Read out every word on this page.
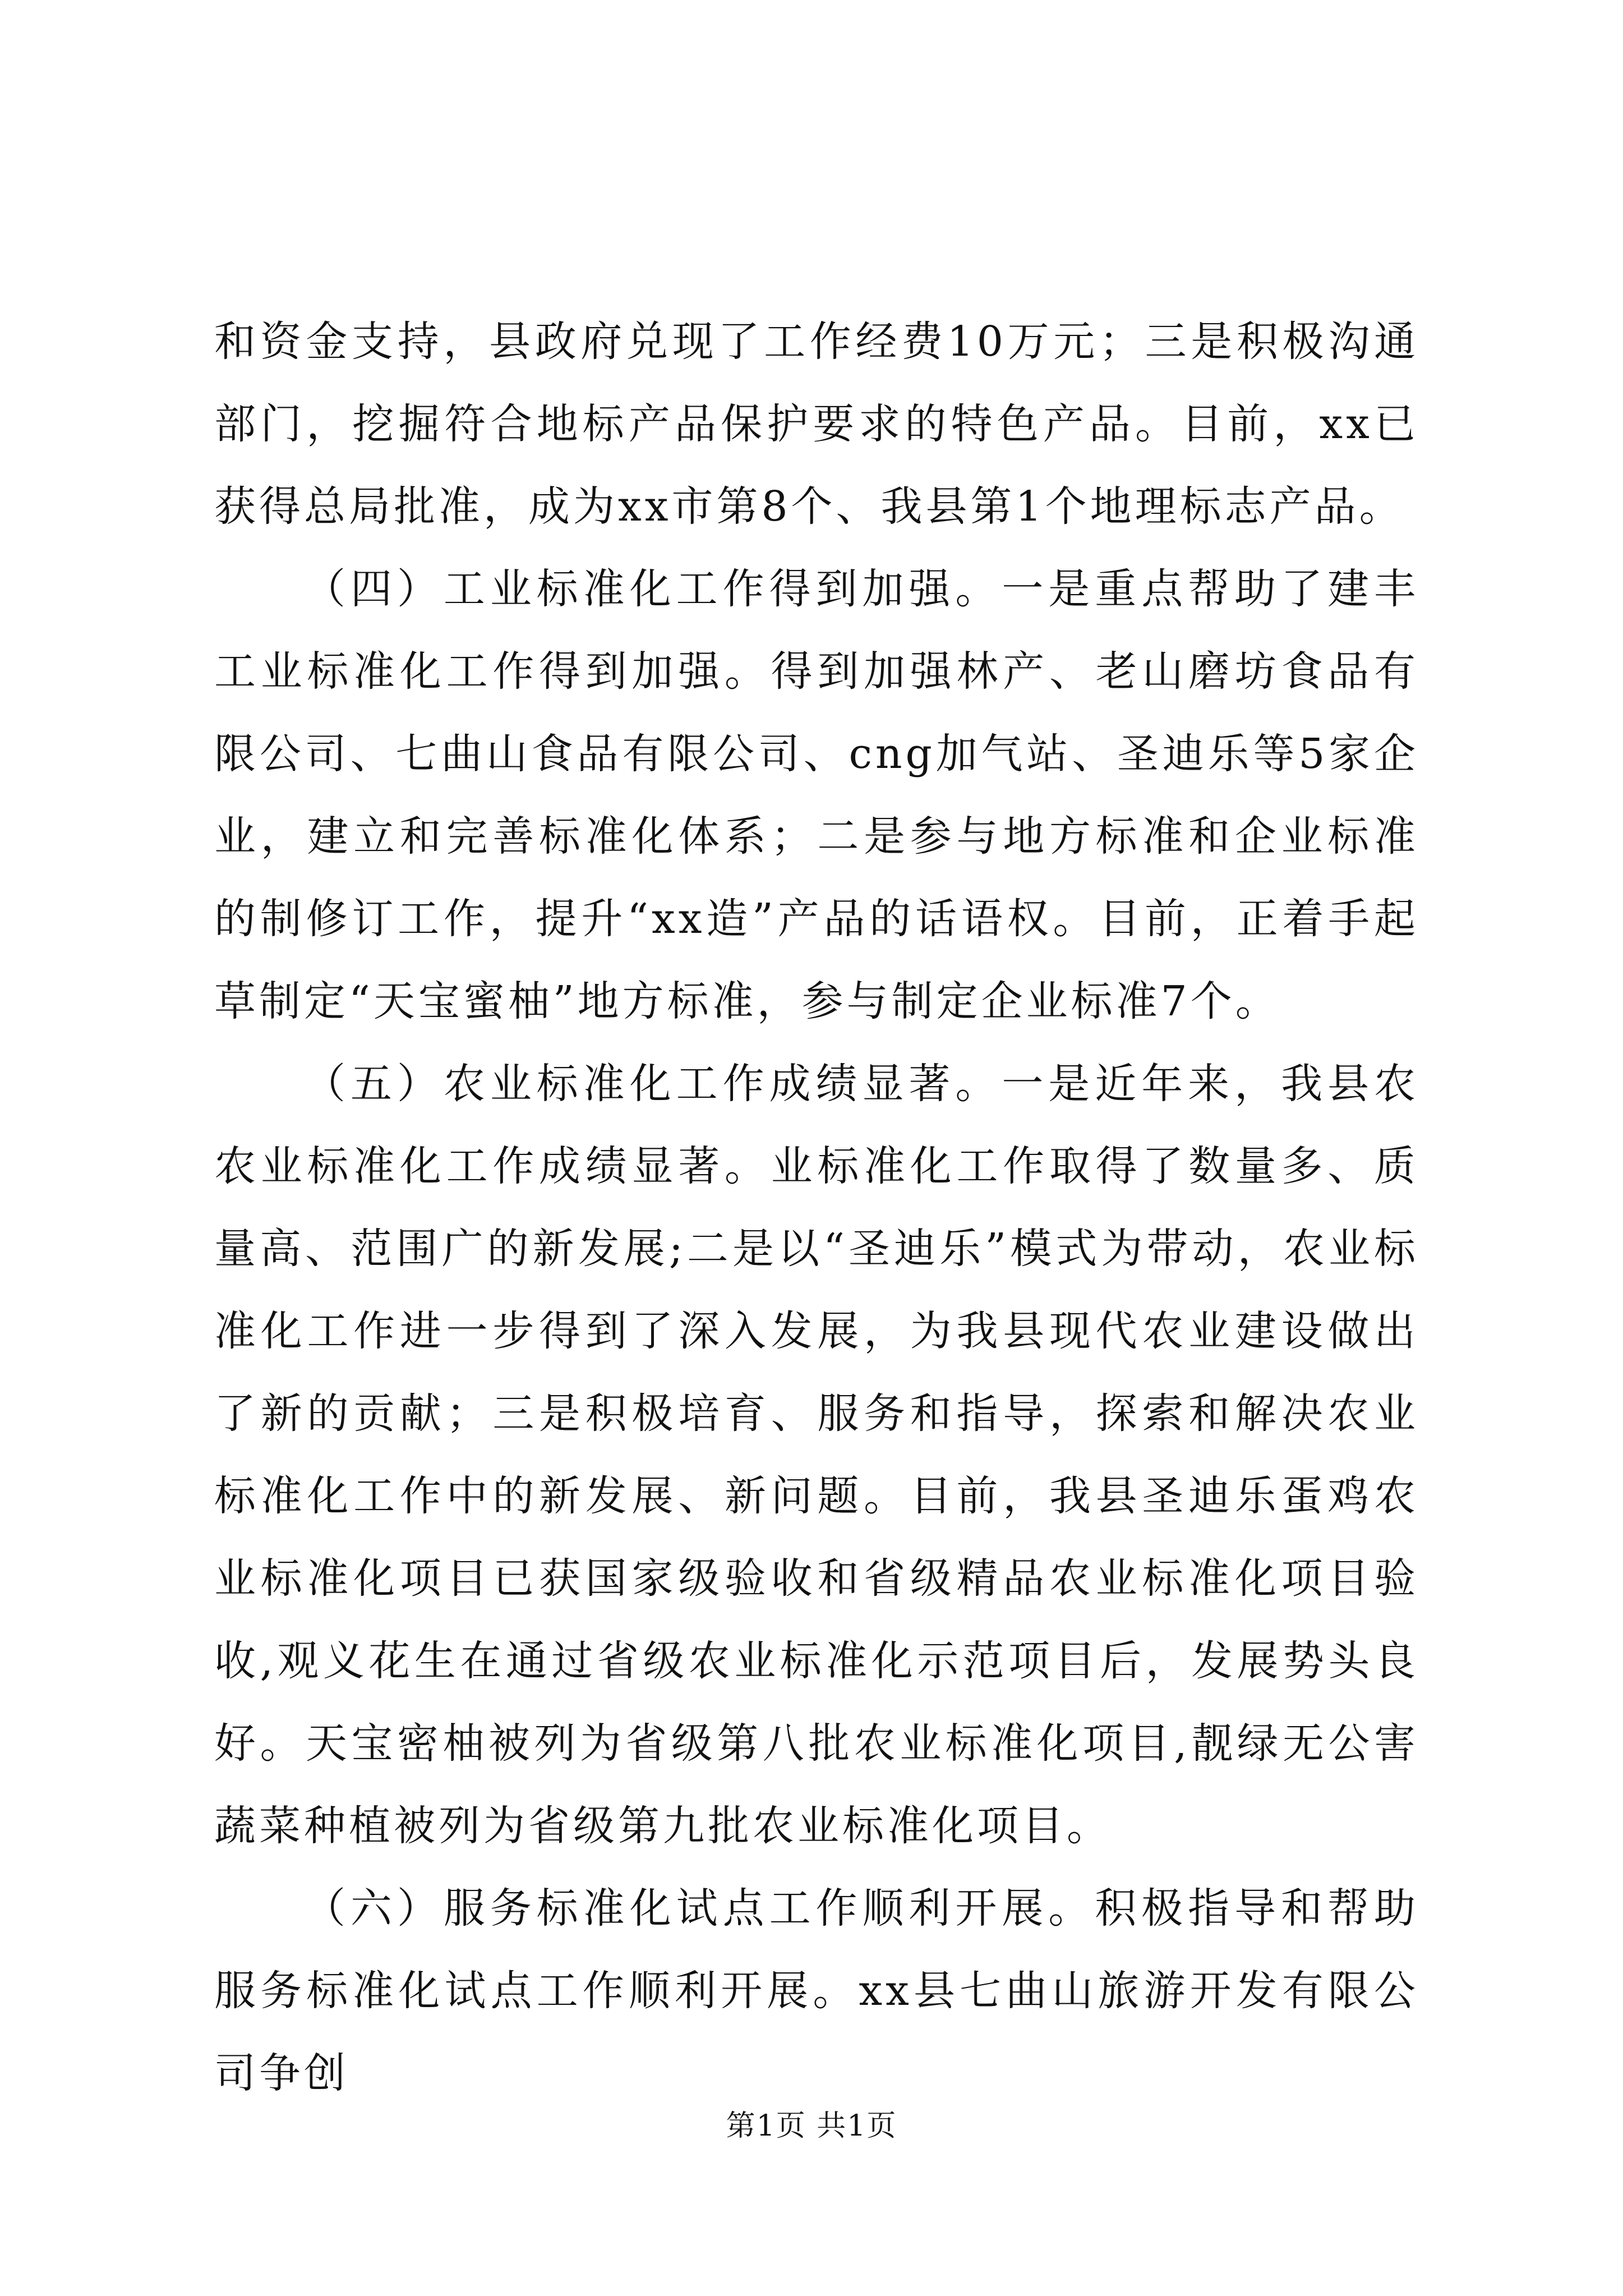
和资金支持，县政府兑现了工作经费10万元；三是积极沟通部门，挖掘符合地标产品保护要求的特色产品。目前，xx已获得总局批准，成为xx市第8个、我县第1个地理标志产品。

（四）工业标准化工作得到加强。一是重点帮助了建丰工业标准化工作得到加强。得到加强林产、老山磨坊食品有限公司、七曲山食品有限公司、cng加气站、圣迪乐等5家企业，建立和完善标准化体系；二是参与地方标准和企业标准的制修订工作，提升“xx造”产品的话语权。目前，正着手起草制定“天宝蜜柚”地方标准，参与制定企业标准7个。

（五）农业标准化工作成绩显著。一是近年来，我县农农业标准化工作成绩显著。业标准化工作取得了数量多、质量高、范围广的新发展;二是以“圣迪乐”模式为带动，农业标准化工作进一步得到了深入发展，为我县现代农业建设做出了新的贡献；三是积极培育、服务和指导，探索和解决农业标准化工作中的新发展、新问题。目前，我县圣迪乐蛋鸡农业标准化项目已获国家级验收和省级精品农业标准化项目验收,观义花生在通过省级农业标准化示范项目后，发展势头良好。天宝密柚被列为省级第八批农业标准化项目,靓绿无公害蔬菜种植被列为省级第九批农业标准化项目。

（六）服务标准化试点工作顺利开展。积极指导和帮助服务标准化试点工作顺利开展。xx县七曲山旅游开发有限公司争创

第1页 共1页
